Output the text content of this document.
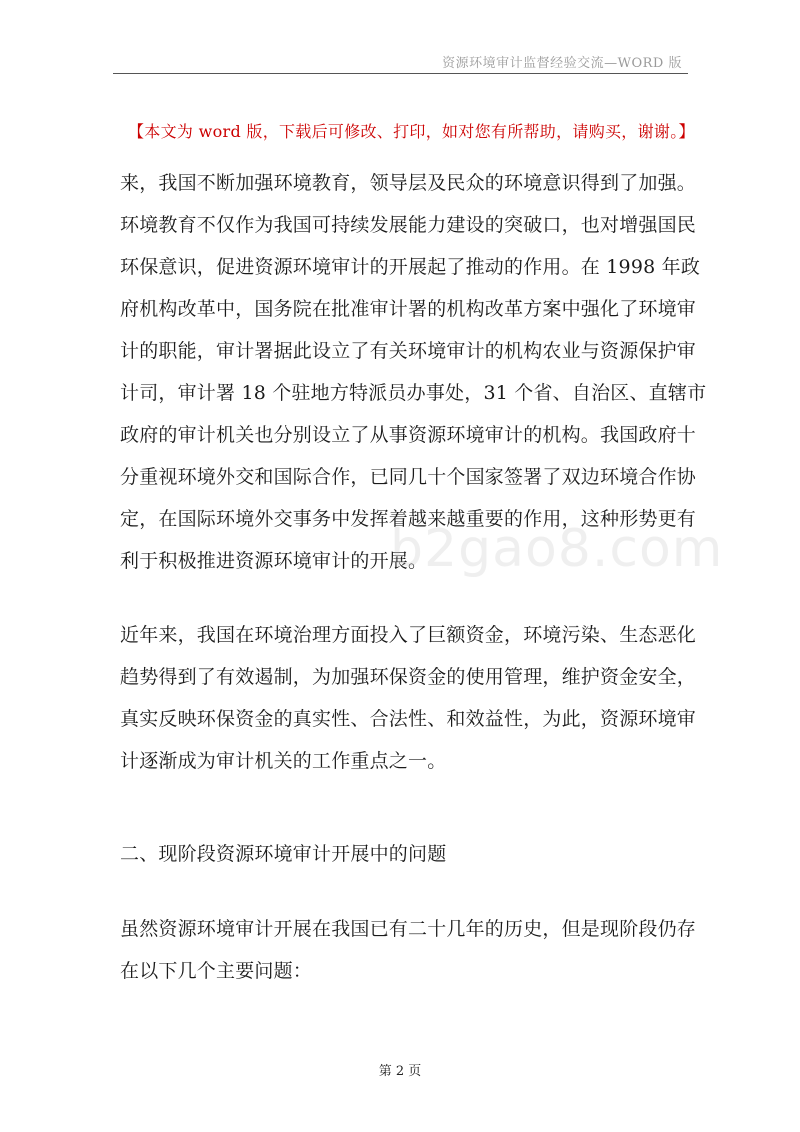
资源环境审计监督经验交流—WORD 版
【本文为 word 版，下载后可修改、打印，如对您有所帮助，请购买，谢谢。】
来，我国不断加强环境教育，领导层及民众的环境意识得到了加强。
环境教育不仅作为我国可持续发展能力建设的突破口，也对增强国民
环保意识，促进资源环境审计的开展起了推动的作用。在 1998 年政
府机构改革中，国务院在批准审计署的机构改革方案中强化了环境审
计的职能，审计署据此设立了有关环境审计的机构农业与资源保护审
计司，审计署 18 个驻地方特派员办事处，31 个省、自治区、直辖市
政府的审计机关也分别设立了从事资源环境审计的机构。我国政府十
分重视环境外交和国际合作，已同几十个国家签署了双边环境合作协
定，在国际环境外交事务中发挥着越来越重要的作用，这种形势更有
利于积极推进资源环境审计的开展。
近年来，我国在环境治理方面投入了巨额资金，环境污染、生态恶化
趋势得到了有效遏制，为加强环保资金的使用管理，维护资金安全，
真实反映环保资金的真实性、合法性、和效益性，为此，资源环境审
计逐渐成为审计机关的工作重点之一。
二、现阶段资源环境审计开展中的问题
虽然资源环境审计开展在我国已有二十几年的历史，但是现阶段仍存
在以下几个主要问题：
b2gao8.com
第 2 页
